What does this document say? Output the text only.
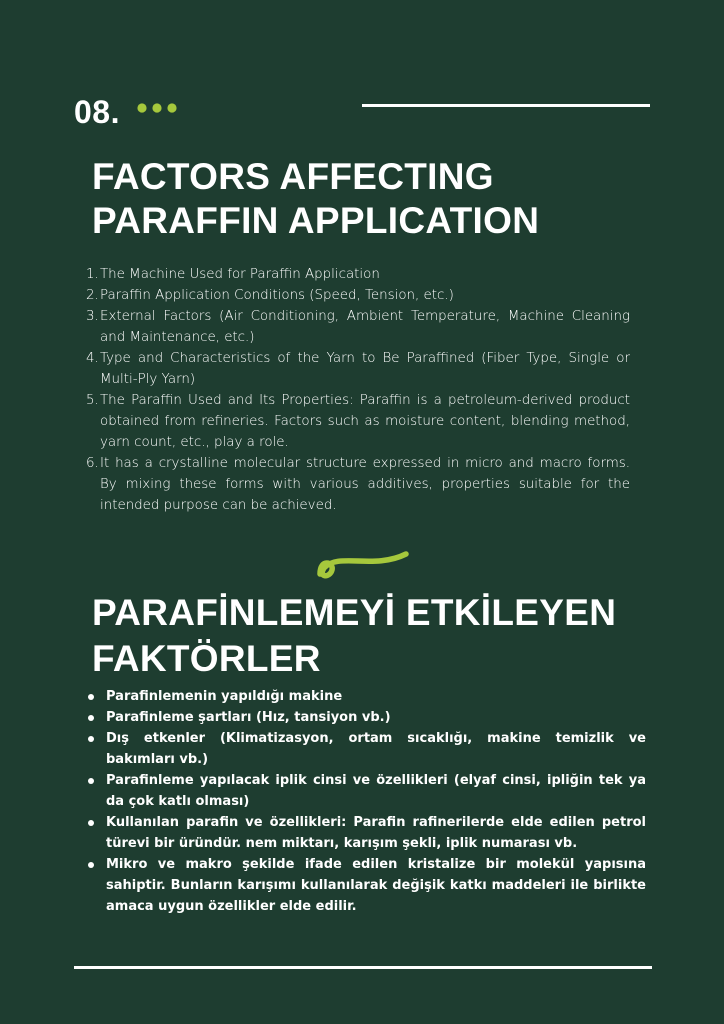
08.
FACTORS AFFECTING PARAFFIN APPLICATION
1. The Machine Used for Paraffin Application
2. Paraffin Application Conditions (Speed, Tension, etc.)
3. External Factors (Air Conditioning, Ambient Temperature, Machine Cleaning and Maintenance, etc.)
4. Type and Characteristics of the Yarn to Be Paraffined (Fiber Type, Single or Multi-Ply Yarn)
5. The Paraffin Used and Its Properties: Paraffin is a petroleum-derived product obtained from refineries. Factors such as moisture content, blending method, yarn count, etc., play a role.
6. It has a crystalline molecular structure expressed in micro and macro forms. By mixing these forms with various additives, properties suitable for the intended purpose can be achieved.
PARAFİNLEMEYİ ETKİLEYEN FAKTÖRLER
Parafinlemenin yapıldığı makine
Parafinleme şartları (Hız, tansiyon vb.)
Dış etkenler (Klimatizasyon, ortam sıcaklığı, makine temizlik ve bakımları vb.)
Parafinleme yapılacak iplik cinsi ve özellikleri (elyaf cinsi, ipliğin tek ya da çok katlı olması)
Kullanılan parafin ve özellikleri: Parafin rafinerilerde elde edilen petrol türevi bir üründür. nem miktarı, karışım şekli, iplik numarası vb.
Mikro ve makro şekilde ifade edilen kristalize bir molekül yapısına sahiptir. Bunların karışımı kullanılarak değişik katkı maddeleri ile birlikte amaca uygun özellikler elde edilir.
